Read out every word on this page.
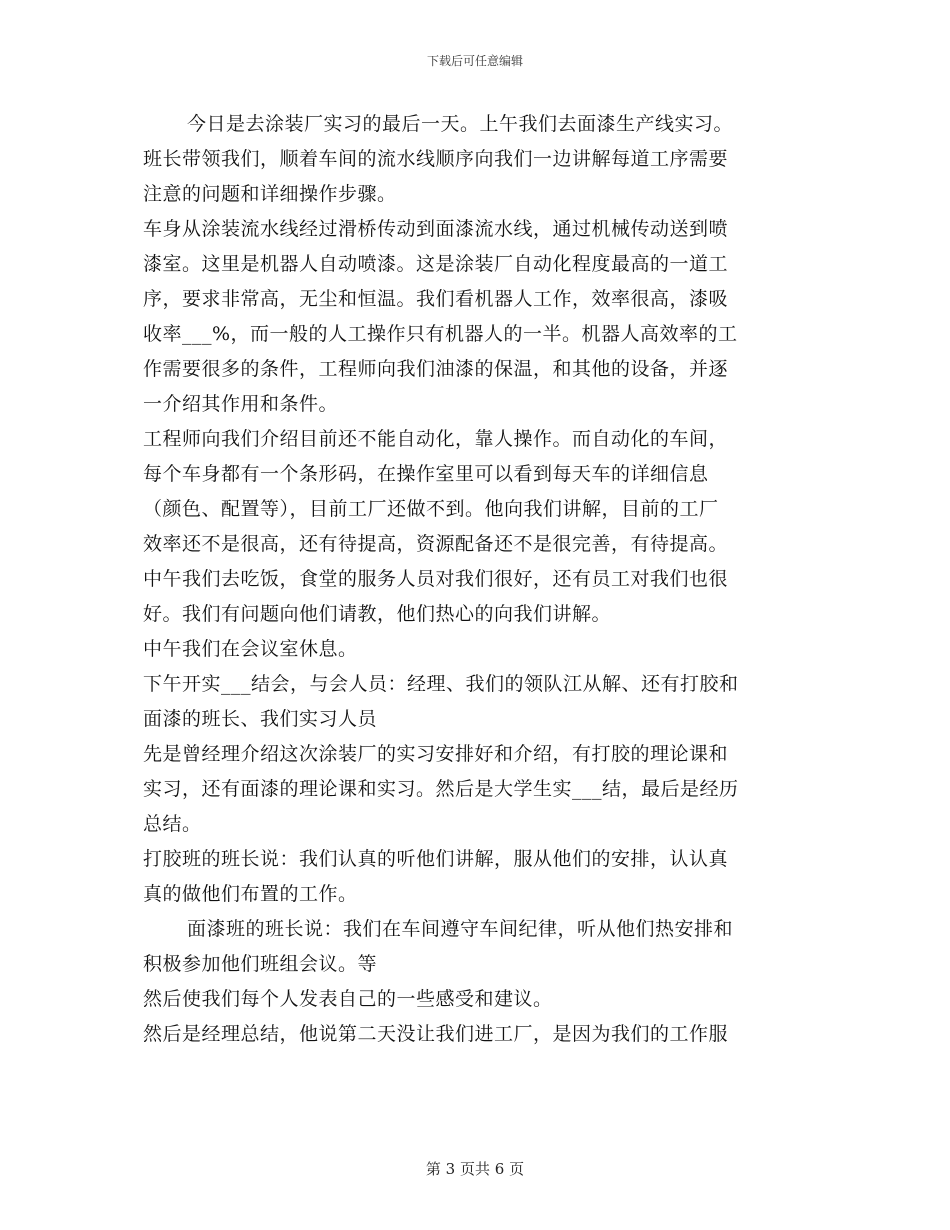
下载后可任意编辑
今日是去涂装厂实习的最后一天。上午我们去面漆生产线实习。
班长带领我们，顺着车间的流水线顺序向我们一边讲解每道工序需要
注意的问题和详细操作步骤。
车身从涂装流水线经过滑桥传动到面漆流水线，通过机械传动送到喷
漆室。这里是机器人自动喷漆。这是涂装厂自动化程度最高的一道工
序，要求非常高，无尘和恒温。我们看机器人工作，效率很高，漆吸
收率___%，而一般的人工操作只有机器人的一半。机器人高效率的工
作需要很多的条件，工程师向我们油漆的保温，和其他的设备，并逐
一介绍其作用和条件。
工程师向我们介绍目前还不能自动化，靠人操作。而自动化的车间，
每个车身都有一个条形码，在操作室里可以看到每天车的详细信息
（颜色、配置等），目前工厂还做不到。他向我们讲解，目前的工厂
效率还不是很高，还有待提高，资源配备还不是很完善，有待提高。
中午我们去吃饭，食堂的服务人员对我们很好，还有员工对我们也很
好。我们有问题向他们请教，他们热心的向我们讲解。
中午我们在会议室休息。
下午开实___结会，与会人员：经理、我们的领队江从解、还有打胶和
面漆的班长、我们实习人员
先是曾经理介绍这次涂装厂的实习安排好和介绍，有打胶的理论课和
实习，还有面漆的理论课和实习。然后是大学生实___结，最后是经历
总结。
打胶班的班长说：我们认真的听他们讲解，服从他们的安排，认认真
真的做他们布置的工作。
面漆班的班长说：我们在车间遵守车间纪律，听从他们热安排和
积极参加他们班组会议。等
然后使我们每个人发表自己的一些感受和建议。
然后是经理总结，他说第二天没让我们进工厂，是因为我们的工作服
第 3 页共 6 页
